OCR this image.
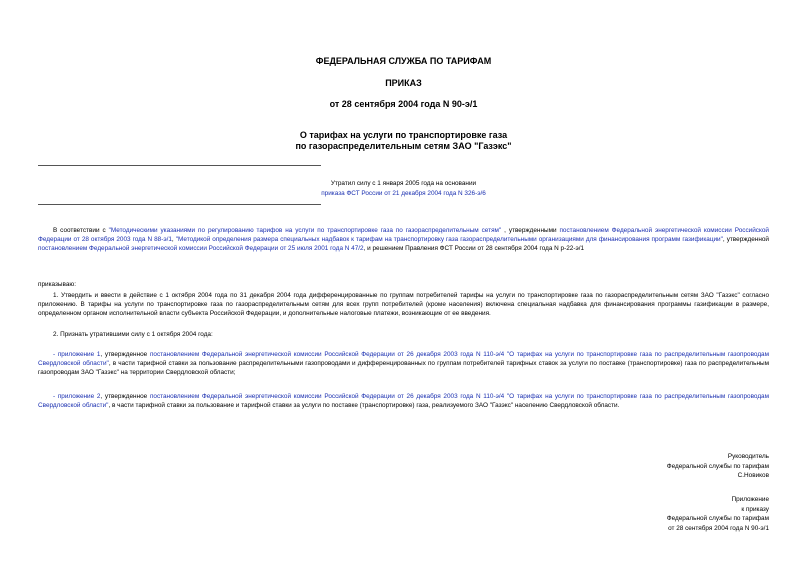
ФЕДЕРАЛЬНАЯ СЛУЖБА ПО ТАРИФАМ
ПРИКАЗ
от 28 сентября 2004 года N 90-э/1
О тарифах на услуги по транспортировке газа
по газораспределительным сетям ЗАО "Газэкс"
Утратил силу с 1 января 2005 года на основании
приказа ФСТ России от 21 декабря 2004 года N 326-э/6
В соответствии с "Методическими указаниями по регулированию тарифов на услуги по транспортировке газа по газораспределительным сетям" , утвержденными постановлением Федеральной энергетической комиссии Российской Федерации от 28 октября 2003 года N 88-э/1, "Методикой определения размера специальных надбавок к тарифам на транспортировку газа газораспределительными организациями для финансирования программ газификации", утвержденной постановлением Федеральной энергетической комиссии Российской Федерации от 25 июля 2001 года N 47/2, и решением Правления ФСТ России от 28 сентября 2004 года N р-22-э/1
приказываю:
1. Утвердить и ввести в действие с 1 октября 2004 года по 31 декабря 2004 года дифференцированные по группам потребителей тарифы на услуги по транспортировке газа по газораспределительным сетям ЗАО "Газэкс" согласно приложению. В тарифы на услуги по транспортировке газа по газораспределительным сетям для всех групп потребителей (кроме населения) включена специальная надбавка для финансирования программы газификации в размере, определенном органом исполнительной власти субъекта Российской Федерации, и дополнительные налоговые платежи, возникающие от ее введения.
2. Признать утратившими силу с 1 октября 2004 года:
- приложение 1, утвержденное постановлением Федеральной энергетической комиссии Российской Федерации от 26 декабря 2003 года N 110-э/4 "О тарифах на услуги по транспортировке газа по распределительным газопроводам Свердловской области", в части тарифной ставки за пользование распределительными газопроводами и дифференцированных по группам потребителей тарифных ставок за услуги по поставке (транспортировке) газа по распределительным газопроводам ЗАО "Газэкс" на территории Свердловской области;
- приложение 2, утвержденное постановлением Федеральной энергетической комиссии Российской Федерации от 26 декабря 2003 года N 110-э/4 "О тарифах на услуги по транспортировке газа по распределительным газопроводам Свердловской области", в части тарифной ставки за пользование и тарифной ставки за услуги по поставке (транспортировке) газа, реализуемого ЗАО "Газэкс" населению Свердловской области.
Руководитель
Федеральной службы по тарифам
С.Новиков
Приложение
к приказу
Федеральной службы по тарифам
от 28 сентября 2004 года N 90-э/1
